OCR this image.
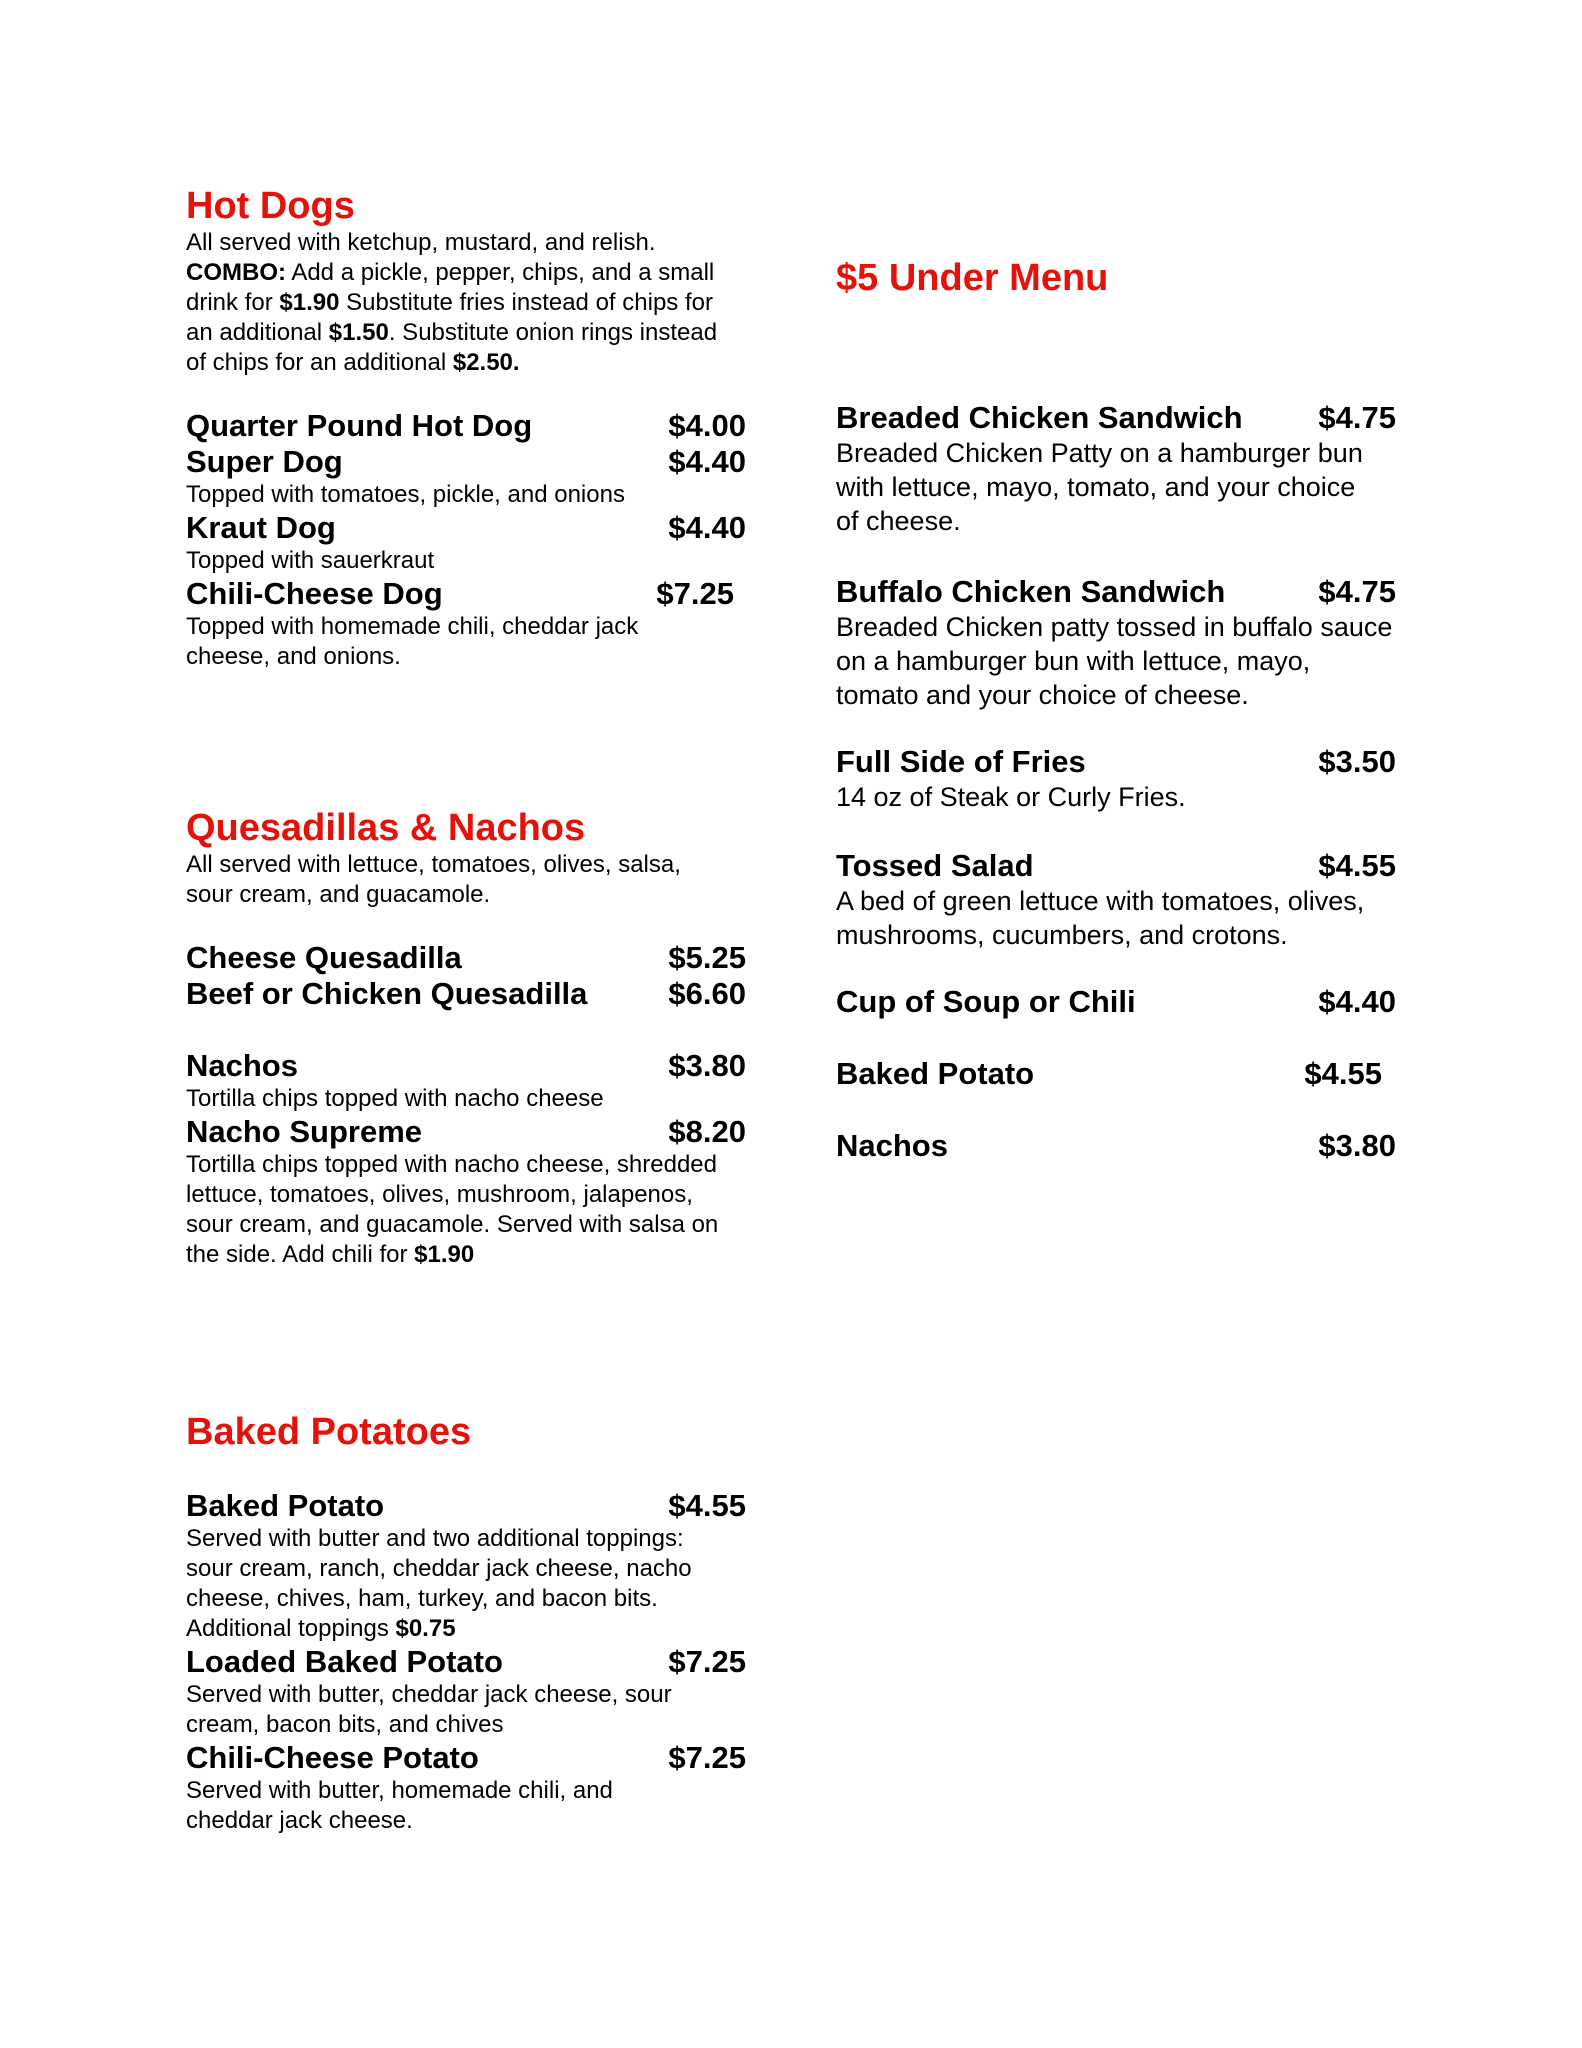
Hot Dogs

All served with ketchup, mustard, and relish.
COMBO: Add a pickle, pepper, chips, and a small drink for $1.90 Substitute fries instead of chips for an additional $1.50. Substitute onion rings instead of chips for an additional $2.50.

Quarter Pound Hot Dog	$4.00
Super Dog	$4.40

Topped with tomatoes, pickle, and onions

Kraut Dog	$4.40

Topped with sauerkraut

Chili-Cheese Dog	$7.25

Topped with homemade chili, cheddar jack cheese, and onions.

Quesadillas & Nachos

All served with lettuce, tomatoes, olives, salsa, sour cream, and guacamole.

Cheese Quesadilla	$5.25
Beef or Chicken Quesadilla	$6.60
Nachos	$3.80

Tortilla chips topped with nacho cheese

Nacho Supreme	$8.20

Tortilla chips topped with nacho cheese, shredded lettuce, tomatoes, olives, mushroom, jalapenos, sour cream, and guacamole. Served with salsa on the side. Add chili for $1.90

Baked Potatoes
Baked Potato	$4.55

Served with butter and two additional toppings: sour cream, ranch, cheddar jack cheese, nacho cheese, chives, ham, turkey, and bacon bits. Additional toppings $0.75

Loaded Baked Potato	$7.25

Served with butter, cheddar jack cheese, sour cream, bacon bits, and chives

Chili-Cheese Potato	$7.25

Served with butter, homemade chili, and cheddar jack cheese.

$5 Under Menu
Breaded Chicken Sandwich $4.75

Breaded Chicken Patty on a hamburger bun with lettuce, mayo, tomato, and your choice of cheese.

Buffalo Chicken Sandwich	$4.75

Breaded Chicken patty tossed in buffalo sauce on a hamburger bun with lettuce, mayo, tomato and your choice of cheese.

Full Side of Fries	$3.50

14 oz of Steak or Curly Fries.

Tossed Salad	$4.55

A bed of green lettuce with tomatoes, olives, mushrooms, cucumbers, and crotons.

Cup of Soup or Chili	$4.40
Baked Potato	$4.55
Nachos	$3.80
